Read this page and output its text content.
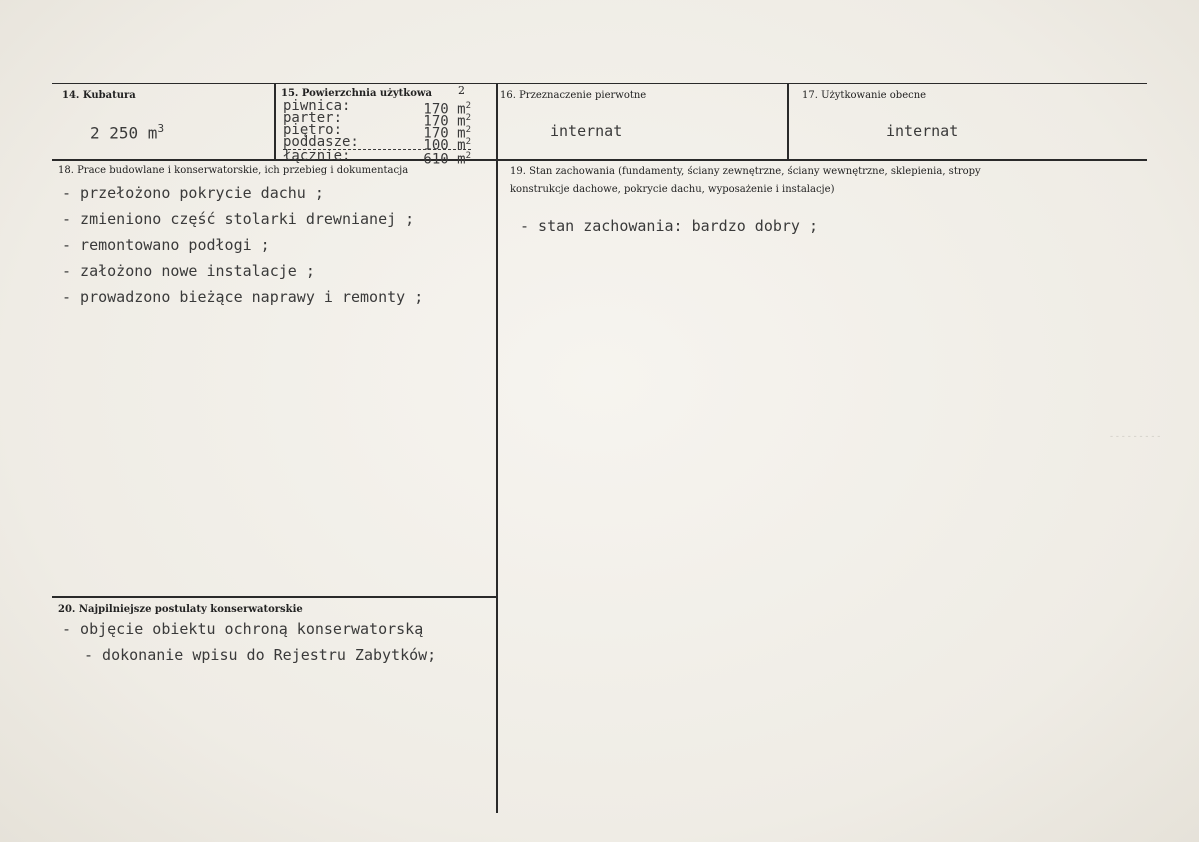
- - - - - - - - -
14. Kubatura
2 250 $m^3$
15. Powierzchnia użytkowa 2
piwnica:	170 $m^2$
parter:	170 $m^2$
piętro:	170 $m^2$
poddasze:	100 $m^2$
łącznie:	610 $m^2$
16. Przeznaczenie pierwotne
internat
17. Użytkowanie obecne
internat
18. Prace budowlane i konserwatorskie, ich przebieg i dokumentacja
- przełożono pokrycie dachu ;
- zmieniono część stolarki drewnianej ;
- remontowano podłogi ;
- założono nowe instalacje ;
- prowadzono bieżące naprawy i remonty ;
19. Stan zachowania (fundamenty, ściany zewnętrzne, ściany wewnętrzne, sklepienia, stropy
konstrukcje dachowe, pokrycie dachu, wyposażenie i instalacje)
- stan zachowania: bardzo dobry ;
20. Najpilniejsze postulaty konserwatorskie
- objęcie obiektu ochroną konserwatorską
- dokonanie wpisu do Rejestru Zabytków;
